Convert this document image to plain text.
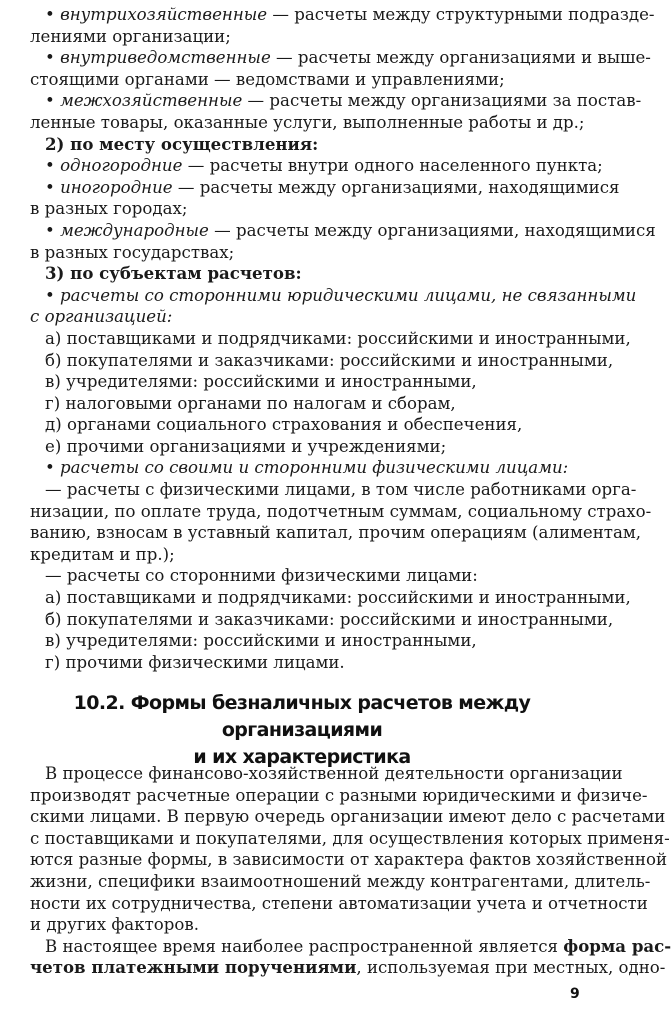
• внутрихозяйственные — расчеты между структурными подразде-
лениями организации;
• внутриведомственные — расчеты между организациями и выше-
стоящими органами — ведомствами и управлениями;
• межхозяйственные — расчеты между организациями за постав-
ленные товары, оказанные услуги, выполненные работы и др.;
2) по месту осуществления:
• одногородние — расчеты внутри одного населенного пункта;
• иногородние — расчеты между организациями, находящимися
в разных городах;
• международные — расчеты между организациями, находящимися
в разных государствах;
3) по субъектам расчетов:
• расчеты со сторонними юридическими лицами, не связанными
с организацией:
а) поставщиками и подрядчиками: российскими и иностранными,
б) покупателями и заказчиками: российскими и иностранными,
в) учредителями: российскими и иностранными,
г) налоговыми органами по налогам и сборам,
д) органами социального страхования и обеспечения,
е) прочими организациями и учреждениями;
• расчеты со своими и сторонними физическими лицами:
— расчеты с физическими лицами, в том числе работниками орга-
низации, по оплате труда, подотчетным суммам, социальному страхо-
ванию, взносам в уставный капитал, прочим операциям (алиментам,
кредитам и пр.);
— расчеты со сторонними физическими лицами:
а) поставщиками и подрядчиками: российскими и иностранными,
б) покупателями и заказчиками: российскими и иностранными,
в) учредителями: российскими и иностранными,
г) прочими физическими лицами.
10.2. Формы безналичных расчетов между организациями
и их характеристика
В процессе финансово-хозяйственной деятельности организации
производят расчетные операции с разными юридическими и физиче-
скими лицами. В первую очередь организации имеют дело с расчетами
с поставщиками и покупателями, для осуществления которых применя-
ются разные формы, в зависимости от характера фактов хозяйственной
жизни, специфики взаимоотношений между контрагентами, длитель-
ности их сотрудничества, степени автоматизации учета и отчетности
и других факторов.
В настоящее время наиболее распространенной является форма рас-
четов платежными поручениями, используемая при местных, одно-
9
